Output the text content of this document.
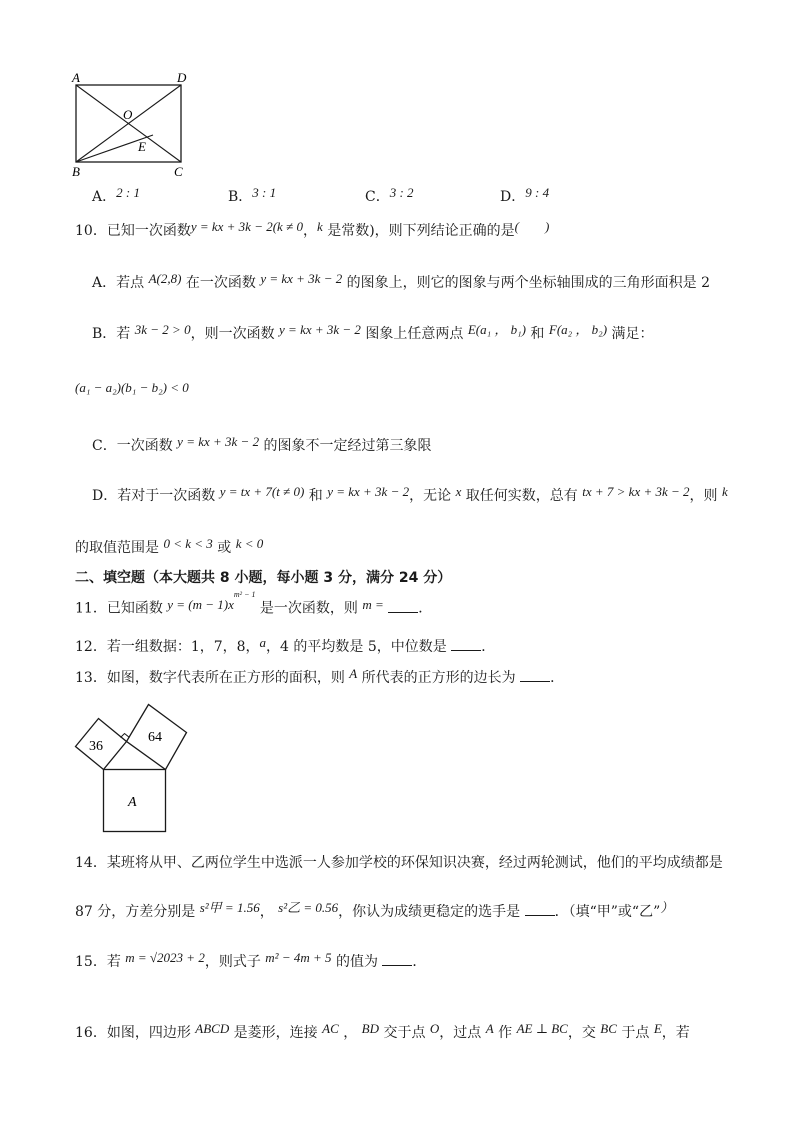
A	D
O
E
B	C
A．2 : 1	B．3 : 1	C．3 : 2	D．9 : 4
10．已知一次函数y = kx + 3k − 2(k ≠ 0，k 是常数)，则下列结论正确的是(　　)
A．若点 A(2,8) 在一次函数 y = kx + 3k − 2 的图象上，则它的图象与两个坐标轴围成的三角形面积是 2
B．若 3k − 2 > 0，则一次函数 y = kx + 3k − 2 图象上任意两点 E(a₁ ， b₁) 和 F(a₂ ， b₂) 满足：
(a₁ − a₂)(b₁ − b₂) < 0
C．一次函数 y = kx + 3k − 2 的图象不一定经过第三象限
D．若对于一次函数 y = tx + 7(t ≠ 0) 和 y = kx + 3k − 2，无论 x 取任何实数，总有 tx + 7 > kx + 3k − 2，则 k
的取值范围是 0 < k < 3 或 k < 0
二、填空题（本大题共 8 小题，每小题 3 分，满分 24 分）
11．已知函数 $y = (m - 1)x^{m^2 - 1}$ 是一次函数，则 m = ．
12．若一组数据：1，7，8，a，4 的平均数是 5，中位数是 ．
13．如图，数字代表所在正方形的面积，则 A 所代表的正方形的边长为 ．
36
64
A
14．某班将从甲、乙两位学生中选派一人参加学校的环保知识决赛，经过两轮测试，他们的平均成绩都是
87 分，方差分别是 s²甲 = 1.56， s²乙 = 0.56，你认为成绩更稳定的选手是 ．（填“甲”或“乙”）
15．若 m = √2023 + 2，则式子 m² − 4m + 5 的值为 ．
16．如图，四边形 ABCD 是菱形，连接 AC ， BD 交于点 O，过点 A 作 AE ⊥ BC，交 BC 于点 E，若
